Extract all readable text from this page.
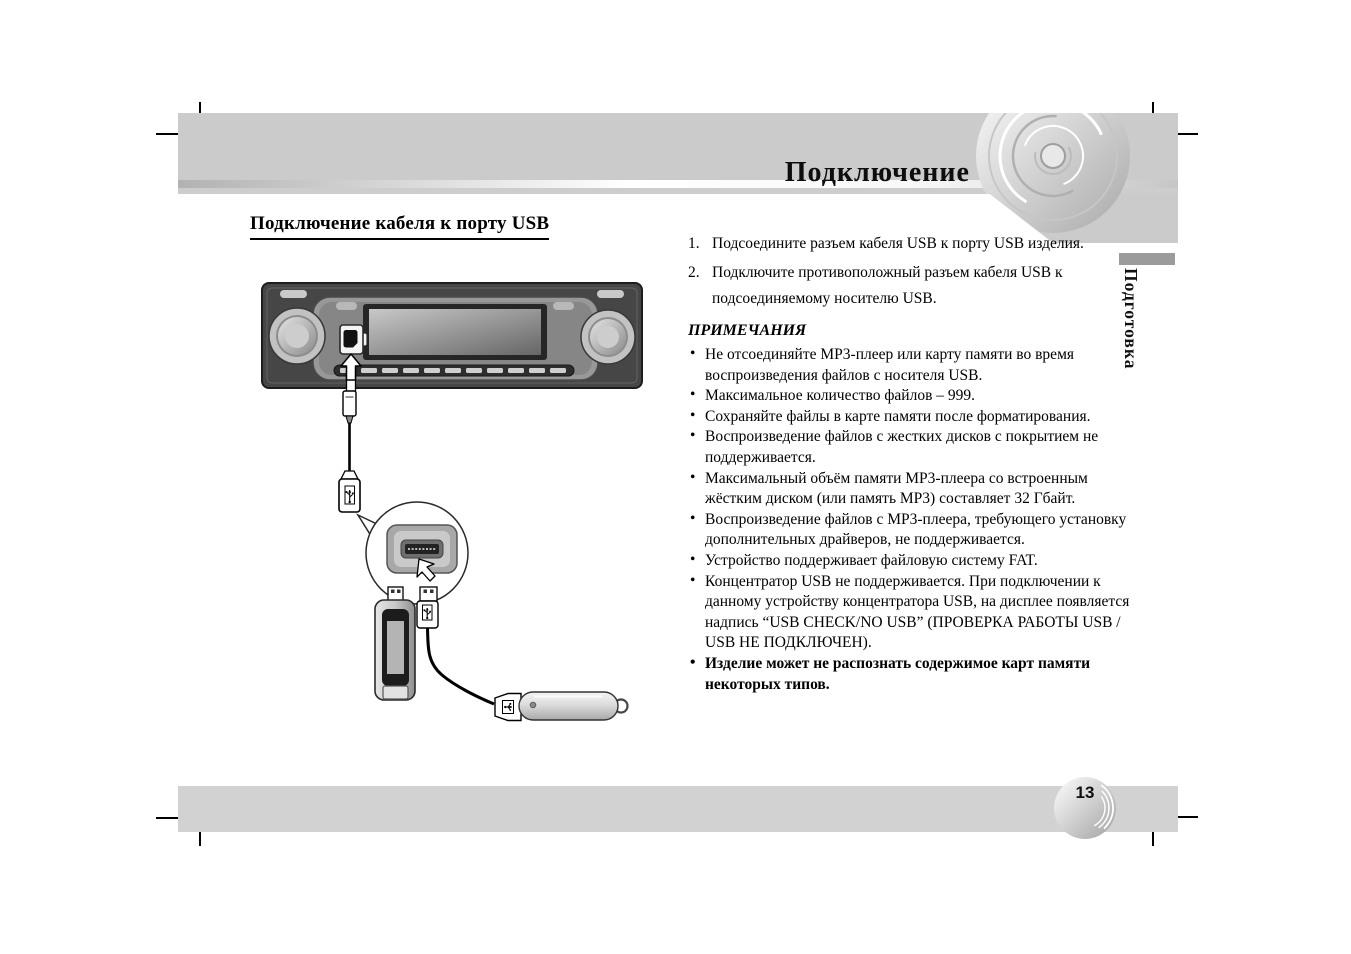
Подключение
Подключение кабеля к порту USB
1. Подсоедините разъем кабеля USB к порту USB изделия.
2. Подключите противоположный разъем кабеля USB к подсоединяемому носителю USB.

ПРИМЕЧАНИЯ

• Не отсоединяйте MP3-плеер или карту памяти во время воспроизведения файлов с носителя USB.
• Максимальное количество файлов – 999.
• Сохраняйте файлы в карте памяти после форматирования.
• Воспроизведение файлов с жестких дисков с покрытием не поддерживается.
• Максимальный объём памяти MP3-плеера со встроенным жёстким диском (или память MP3) составляет 32 Гбайт.
• Воспроизведение файлов с MP3-плеера, требующего установку дополнительных драйверов, не поддерживается.
• Устройство поддерживает файловую систему FAT.
• Концентратор USB не поддерживается. При подключении к данному устройству концентратора USB, на дисплее появляется надпись “USB CHECK/NO USB” (ПРОВЕРКА РАБОТЫ USB / USB НЕ ПОДКЛЮЧЕН).
• Изделие может не распознать содержимое карт памяти некоторых типов.
Подготовка
13
